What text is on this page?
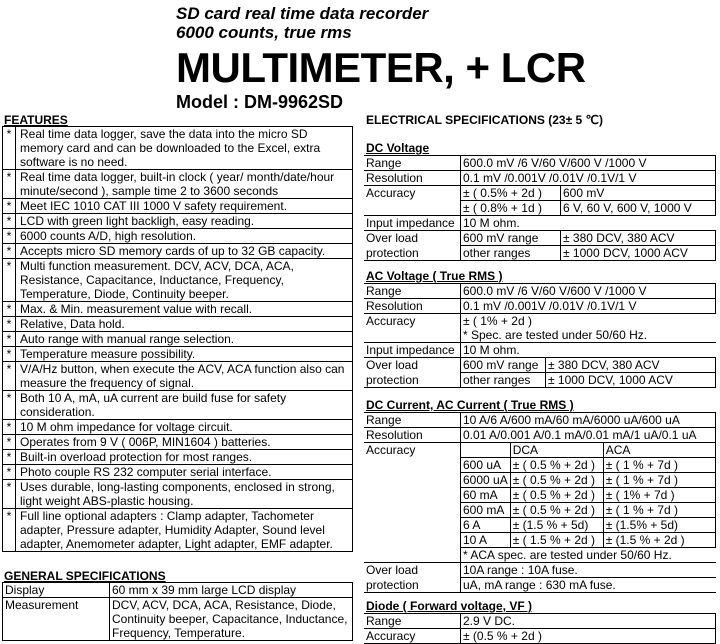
SD card real time data recorder
6000 counts, true rms
MULTIMETER, + LCR
Model : DM-9962SD
FEATURES
*	Real time data logger, save the data into the micro SD memory card and can be downloaded to the Excel, extra software is no need.
*	Real time data logger, built-in clock ( year/ month/date/hour minute/second ), sample time 2 to 3600 seconds
*	Meet IEC 1010 CAT III 1000 V safety requirement.
*	LCD with green light backligh, easy reading.
*	6000 counts A/D, high resolution.
*	Accepts micro SD memory cards of up to 32 GB capacity.
*	Multi function measurement. DCV, ACV, DCA, ACA, Resistance, Capacitance, Inductance, Frequency, Temperature, Diode, Continuity beeper.
*	Max. & Min. measurement value with recall.
*	Relative, Data hold.
*	Auto range with manual range selection.
*	Temperature measure possibility.
*	V/A/Hz button, when execute the ACV, ACA function also can measure the frequency of signal.
*	Both 10 A, mA, uA current are build fuse for safety consideration.
*	10 M ohm impedance for voltage circuit.
*	Operates from 9 V ( 006P, MIN1604 ) batteries.
*	Built-in overload protection for most ranges.
*	Photo couple RS 232 computer serial interface.
*	Uses durable, long-lasting components, enclosed in strong, light weight ABS-plastic housing.
*	Full line optional adapters : Clamp adapter, Tachometer adapter, Pressure adapter, Humidity Adapter, Sound level adapter, Anemometer adapter, Light adapter, EMF adapter.
GENERAL SPECIFICATIONS
Display	60 mm x 39 mm large LCD display
Measurement	DCV, ACV, DCA, ACA, Resistance, Diode, Continuity beeper, Capacitance, Inductance, Frequency, Temperature.
ELECTRICAL SPECIFICATIONS (23± 5 ℃)
DC Voltage
Range	600.0 mV /6 V/60 V/600 V /1000 V	
Resolution	0.1 mV /0.001V /0.01V /0.1V/1 V	
Accuracy	± ( 0.5% + 2d )	600 mV
	± ( 0.8% + 1d )	6 V, 60 V, 600 V, 1000 V
Input impedance	10 M ohm.	
Over load	600 mV range	± 380 DCV, 380 ACV
protection	other ranges	± 1000 DCV, 1000 ACV
AC Voltage ( True RMS )
Range	600.0 mV /6 V/60 V/600 V /1000 V	
Resolution	0.1 mV /0.001V /0.01V /0.1V/1 V	
Accuracy	± ( 1% + 2d )	
	* Spec. are tested under 50/60 Hz.	
Input impedance	10 M ohm.	
Over load	600 mV range	± 380 DCV, 380 ACV
protection	other ranges	± 1000 DCV, 1000 ACV
DC Current, AC Current ( True RMS )
Range	10 A/6 A/600 mA/60 mA/6000 uA/600 uA		
Resolution	0.01 A/0.001 A/0.1 mA/0.01 mA/1 uA/0.1 uA		
Accuracy		DCA	ACA
	600 uA	± ( 0.5 % + 2d )	± ( 1 % + 7d )
	6000 uA	± ( 0.5 % + 2d )	± ( 1 % + 7d )
	60 mA	± ( 0.5 % + 2d )	± ( 1% + 7d )
	600 mA	± ( 0.5 % + 2d )	± ( 1 % + 7d )
	6 A	± (1.5 % + 5d)	± (1.5% + 5d)
	10 A	± ( 1.5 % + 2d )	± (1.5 % + 2d )
	* ACA spec. are tested under 50/60 Hz.		
Over load	10A range : 10A fuse.		
protection	uA, mA range : 630 mA fuse.		
Diode ( Forward voltage, VF )
Range	2.9 V DC.
Accuracy	± (0.5 % + 2d )
